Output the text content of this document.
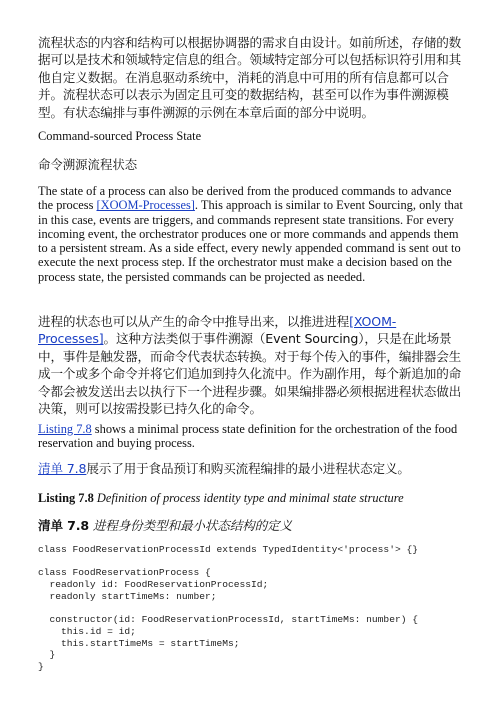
流程状态的内容和结构可以根据协调器的需求自由设计。如前所述，存储的数据可以是技术和领域特定信息的组合。领域特定部分可以包括标识符引用和其他自定义数据。在消息驱动系统中，消耗的消息中可用的所有信息都可以合并。流程状态可以表示为固定且可变的数据结构，甚至可以作为事件溯源模型。有状态编排与事件溯源的示例在本章后面的部分中说明。

Command-sourced Process State

命令溯源流程状态

The state of a process can also be derived from the produced commands to advance the process [XOOM-Processes]. This approach is similar to Event Sourcing, only that in this case, events are triggers, and commands represent state transitions. For every incoming event, the orchestrator produces one or more commands and appends them to a persistent stream. As a side effect, every newly appended command is sent out to execute the next process step. If the orchestrator must make a decision based on the process state, the persisted commands can be projected as needed.

进程的状态也可以从产生的命令中推导出来，以推进进程[XOOM-Processes]。这种方法类似于事件溯源（Event Sourcing），只是在此场景中，事件是触发器，而命令代表状态转换。对于每个传入的事件，编排器会生成一个或多个命令并将它们追加到持久化流中。作为副作用，每个新追加的命令都会被发送出去以执行下一个进程步骤。如果编排器必须根据进程状态做出决策，则可以按需投影已持久化的命令。

Listing 7.8 shows a minimal process state definition for the orchestration of the food reservation and buying process.

清单 7.8展示了用于食品预订和购买流程编排的最小进程状态定义。

Listing 7.8 Definition of process identity type and minimal state structure

清单 7.8 进程身份类型和最小状态结构的定义

class FoodReservationProcessId extends TypedIdentity<'process'> {}

class FoodReservationProcess {
readonly id: FoodReservationProcessId;
readonly startTimeMs: number;

constructor(id: FoodReservationProcessId, startTimeMs: number) {
this.id = id;
this.startTimeMs = startTimeMs;
}
}
